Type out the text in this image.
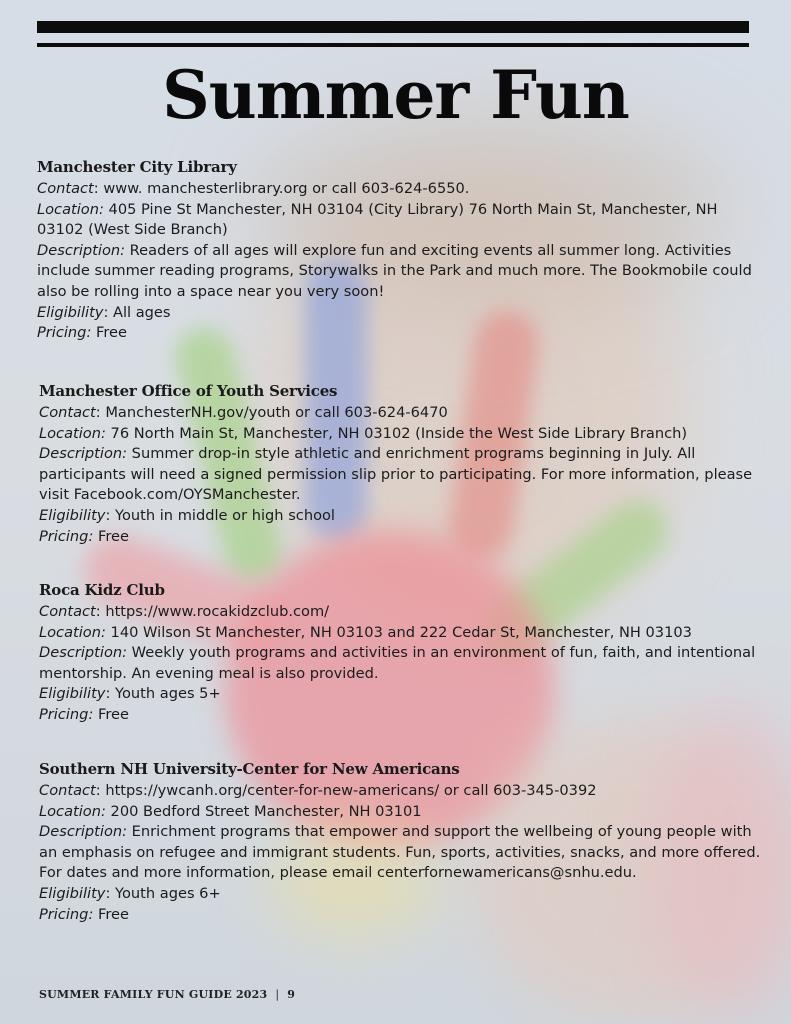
Summer Fun
Manchester City Library

Contact: www. manchesterlibrary.org or call 603-624-6550.

Location: 405 Pine St Manchester, NH 03104 (City Library) 76 North Main St, Manchester, NH 03102 (West Side Branch)

Description: Readers of all ages will explore fun and exciting events all summer long. Activities include summer reading programs, Storywalks in the Park and much more. The Bookmobile could also be rolling into a space near you very soon!

Eligibility: All ages

Pricing: Free

Manchester Office of Youth Services

Contact: ManchesterNH.gov/youth or call 603-624-6470

Location: 76 North Main St, Manchester, NH 03102 (Inside the West Side Library Branch)

Description: Summer drop-in style athletic and enrichment programs beginning in July. All participants will need a signed permission slip prior to participating. For more information, please visit Facebook.com/OYSManchester.

Eligibility: Youth in middle or high school

Pricing: Free

Roca Kidz Club

Contact: https://www.rocakidzclub.com/

Location: 140 Wilson St Manchester, NH 03103 and 222 Cedar St, Manchester, NH 03103

Description: Weekly youth programs and activities in an environment of fun, faith, and intentional mentorship. An evening meal is also provided.

Eligibility: Youth ages 5+

Pricing: Free

Southern NH University-Center for New Americans

Contact: https://ywcanh.org/center-for-new-americans/ or call 603-345-0392

Location: 200 Bedford Street Manchester, NH 03101

Description: Enrichment programs that empower and support the wellbeing of young people with an emphasis on refugee and immigrant students. Fun, sports, activities, snacks, and more offered. For dates and more information, please email centerfornewamericans@snhu.edu.

Eligibility: Youth ages 6+

Pricing: Free

SUMMER FAMILY FUN GUIDE 2023 | 9
